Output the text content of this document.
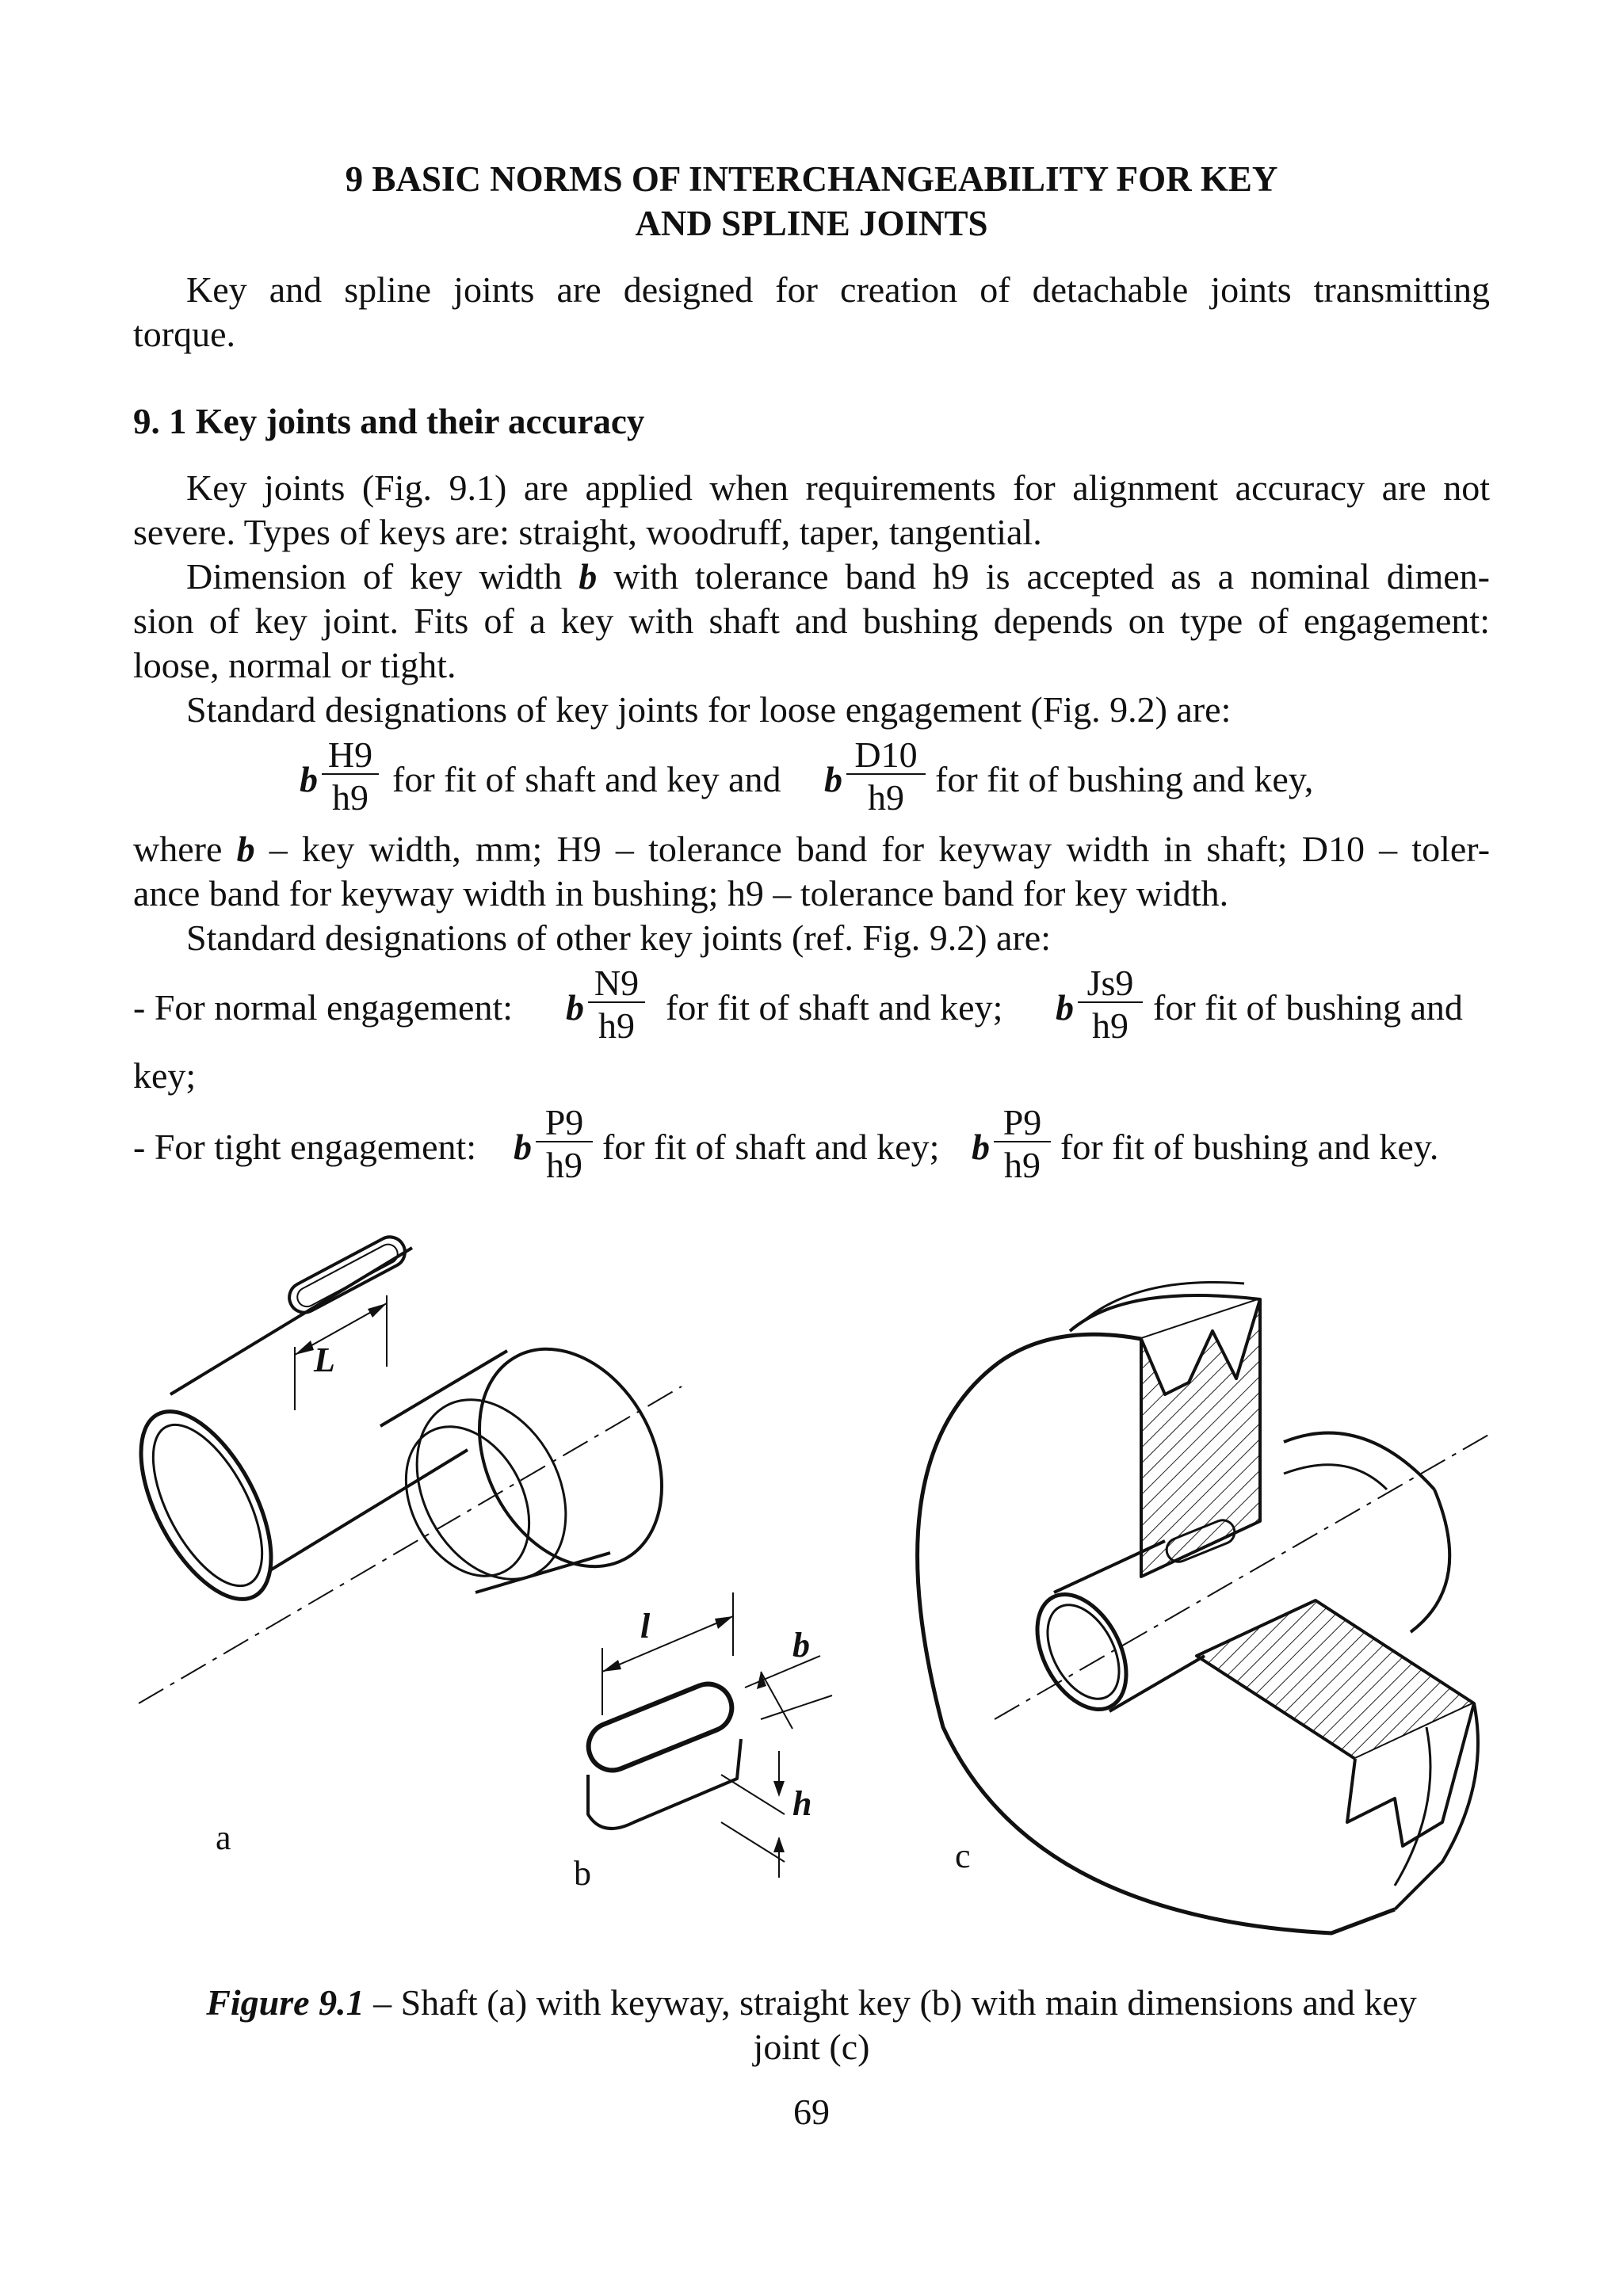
9 BASIC NORMS OF INTERCHANGEABILITY FOR KEY
AND SPLINE JOINTS
Key and spline joints are designed for creation of detachable joints transmitting
torque.
9. 1 Key joints and their accuracy
Key joints (Fig. 9.1) are applied when requirements for alignment accuracy are not
severe. Types of keys are: straight, woodruff, taper, tangential.
Dimension of key width b with tolerance band h9 is accepted as a nominal dimen-
sion of key joint. Fits of a key with shaft and bushing depends on type of engagement:
loose, normal or tight.
Standard designations of key joints for loose engagement (Fig. 9.2) are:
b $\frac{H9}{h9}$ for fit of shaft and key and b $\frac{D10}{h9}$ for fit of bushing and key,
where b – key width, mm; H9 – tolerance band for keyway width in shaft; D10 – toler-
ance band for keyway width in bushing; h9 – tolerance band for key width.
Standard designations of other key joints (ref. Fig. 9.2) are:
- For normal engagement: b $\frac{N9}{h9}$ for fit of shaft and key; b $\frac{Js9}{h9}$ for fit of bushing and
key;
- For tight engagement: b $\frac{P9}{h9}$ for fit of shaft and key; b $\frac{P9}{h9}$ for fit of bushing and key.
L
l	b
h
a
b	c
Figure 9.1 – Shaft (a) with keyway, straight key (b) with main dimensions and key
joint (c)
69
